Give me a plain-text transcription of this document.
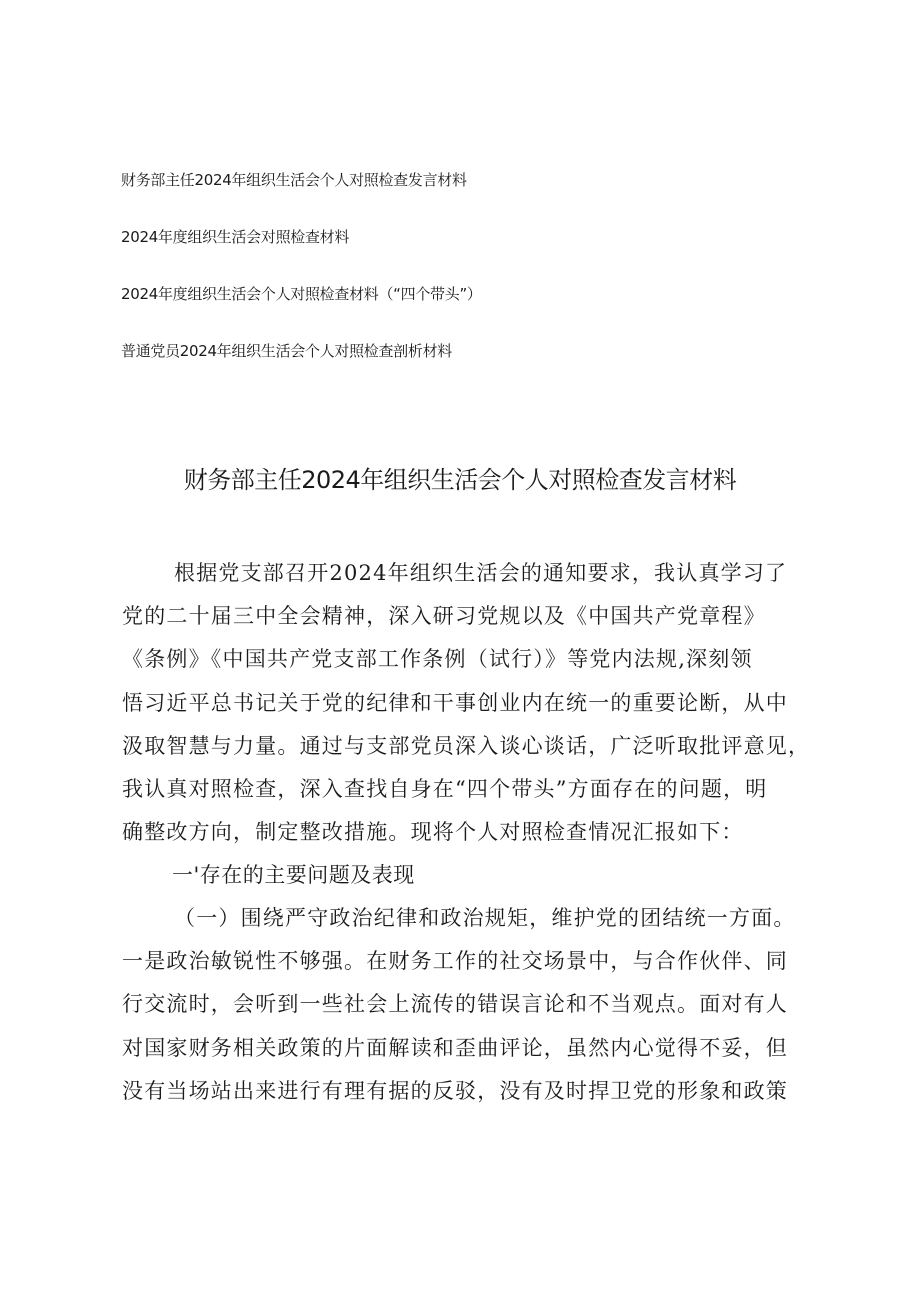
财务部主任2024年组织生活会个人对照检查发言材料
2024年度组织生活会对照检查材料
2024年度组织生活会个人对照检查材料（“四个带头”）
普通党员2024年组织生活会个人对照检查剖析材料
财务部主任2024年组织生活会个人对照检查发言材料
根据党支部召开2024年组织生活会的通知要求，我认真学习了
党的二十届三中全会精神，深入研习党规以及《中国共产党章程》
《条例》《中国共产党支部工作条例（试行）》等党内法规,深刻领
悟习近平总书记关于党的纪律和干事创业内在统一的重要论断，从中
汲取智慧与力量。通过与支部党员深入谈心谈话，广泛听取批评意见，
我认真对照检查，深入查找自身在“四个带头”方面存在的问题，明
确整改方向，制定整改措施。现将个人对照检查情况汇报如下：
一'存在的主要问题及表现
（一）围绕严守政治纪律和政治规矩，维护党的团结统一方面。
一是政治敏锐性不够强。在财务工作的社交场景中，与合作伙伴、同
行交流时，会听到一些社会上流传的错误言论和不当观点。面对有人
对国家财务相关政策的片面解读和歪曲评论，虽然内心觉得不妥，但
没有当场站出来进行有理有据的反驳，没有及时捍卫党的形象和政策
